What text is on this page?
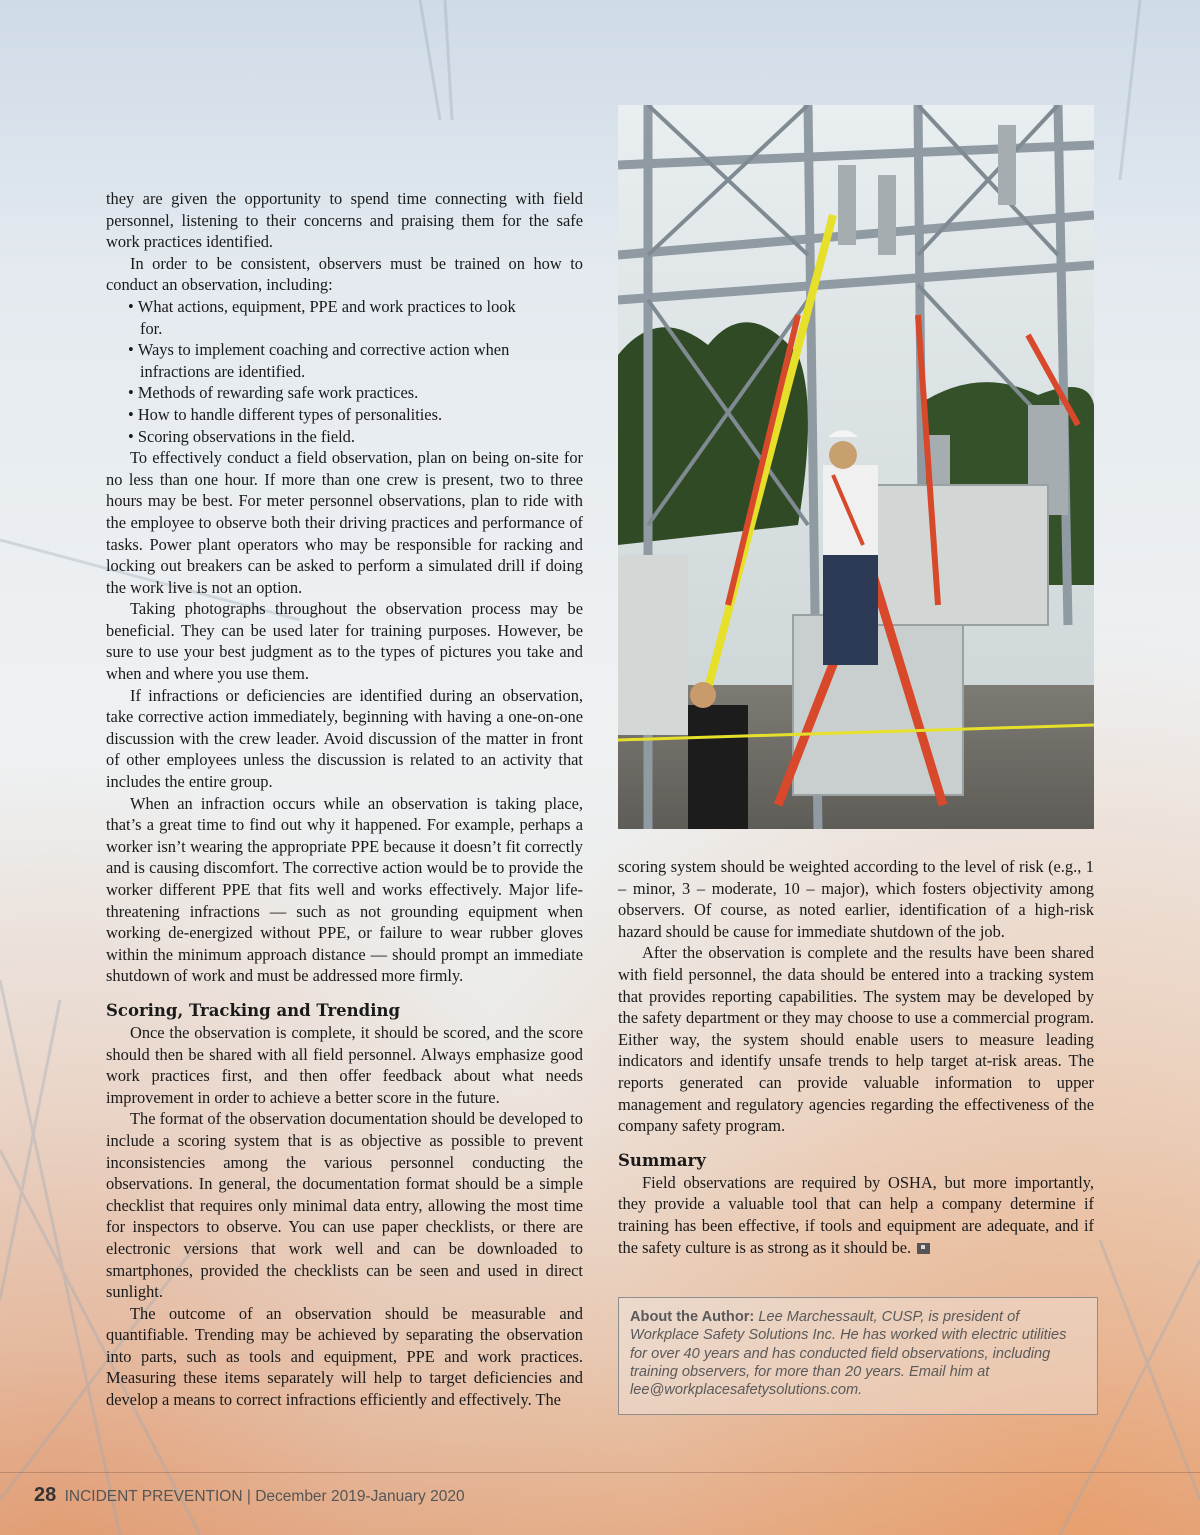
they are given the opportunity to spend time connecting with field personnel, listening to their concerns and praising them for the safe work practices identified.

In order to be consistent, observers must be trained on how to conduct an observation, including:

• What actions, equipment, PPE and work practices to look for.
• Ways to implement coaching and corrective action when infractions are identified.
• Methods of rewarding safe work practices.
• How to handle different types of personalities.
• Scoring observations in the field.

To effectively conduct a field observation, plan on being on-site for no less than one hour. If more than one crew is present, two to three hours may be best. For meter personnel observations, plan to ride with the employee to observe both their driving practices and performance of tasks. Power plant operators who may be responsible for racking and locking out breakers can be asked to perform a simulated drill if doing the work live is not an option.

Taking photographs throughout the observation process may be beneficial. They can be used later for training purposes. However, be sure to use your best judgment as to the types of pictures you take and when and where you use them.

If infractions or deficiencies are identified during an observation, take corrective action immediately, beginning with having a one-on-one discussion with the crew leader. Avoid discussion of the matter in front of other employees unless the discussion is related to an activity that includes the entire group.

When an infraction occurs while an observation is taking place, that’s a great time to find out why it happened. For example, perhaps a worker isn’t wearing the appropriate PPE because it doesn’t fit correctly and is causing discomfort. The corrective action would be to provide the worker different PPE that fits well and works effectively. Major life-threatening infractions — such as not grounding equipment when working de-energized without PPE, or failure to wear rubber gloves within the minimum approach distance — should prompt an immediate shutdown of work and must be addressed more firmly.

Scoring, Tracking and Trending

Once the observation is complete, it should be scored, and the score should then be shared with all field personnel. Always emphasize good work practices first, and then offer feedback about what needs improvement in order to achieve a better score in the future.

The format of the observation documentation should be developed to include a scoring system that is as objective as possible to prevent inconsistencies among the various personnel conducting the observations. In general, the documentation format should be a simple checklist that requires only minimal data entry, allowing the most time for inspectors to observe. You can use paper checklists, or there are electronic versions that work well and can be downloaded to smartphones, provided the checklists can be seen and used in direct sunlight.

The outcome of an observation should be measurable and quantifiable. Trending may be achieved by separating the observation into parts, such as tools and equipment, PPE and work practices. Measuring these items separately will help to target deficiencies and develop a means to correct infractions efficiently and effectively. The

scoring system should be weighted according to the level of risk (e.g., 1 – minor, 3 – moderate, 10 – major), which fosters objectivity among observers. Of course, as noted earlier, identification of a high-risk hazard should be cause for immediate shutdown of the job.

After the observation is complete and the results have been shared with field personnel, the data should be entered into a tracking system that provides reporting capabilities. The system may be developed by the safety department or they may choose to use a commercial program. Either way, the system should enable users to measure leading indicators and identify unsafe trends to help target at-risk areas. The reports generated can provide valuable information to upper management and regulatory agencies regarding the effectiveness of the company safety program.

Summary

Field observations are required by OSHA, but more importantly, they provide a valuable tool that can help a company determine if training has been effective, if tools and equipment are adequate, and if the safety culture is as strong as it should be.

About the Author: Lee Marchessault, CUSP, is president of Workplace Safety Solutions Inc. He has worked with electric utilities for over 40 years and has conducted field observations, including training observers, for more than 20 years. Email him at lee@workplacesafetysolutions.com.
28 INCIDENT PREVENTION | December 2019-January 2020
